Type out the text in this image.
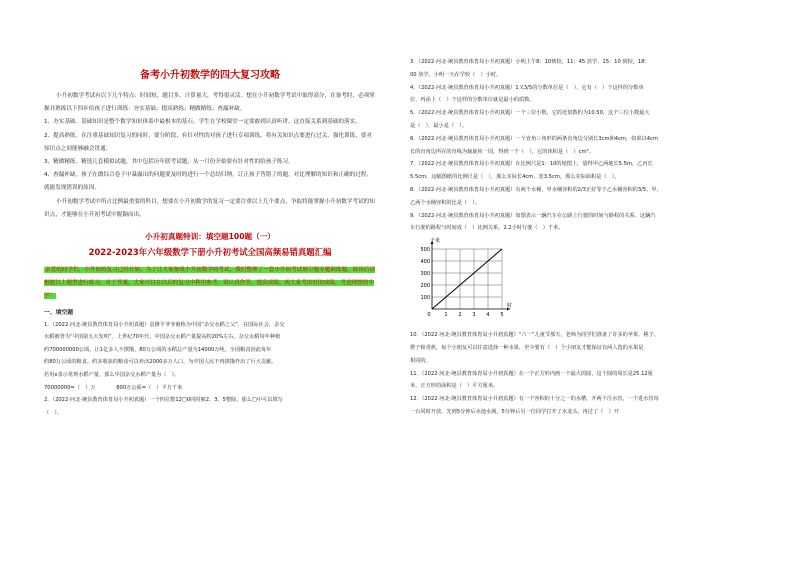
备考小升初数学的四大复习攻略

小升初数学考试有以下几个特点：时间短，题目多，计算量大，考得很灵活。想在小升初数学考试中取得高分，在备考时，必须掌握并熟练以下四步给孩子进行训练：夯实基础；提高熟练；精做精练；查漏补缺。

1、夯实基础。基础知识是整个数学知识体系中最根本的基石。学生在学校课堂一定要敢到认真听讲，这直接关系到基础的落实。

2、提高熟练。在注重基础知识复习的同时，要分阶段、有针对性的对孩子进行专项训练，将有关知识点要进行过关、强化训练，要对知识点之间能够融会贯通。

3、精做精练。精选几套模拟试题，其中包括历年联考试题，从一月份开始要有针对性的给孩子练习。

4、查漏补缺。孩子在做综合卷子中暴露出的问题要及时的进行一个总结归纳，订正孩子答错了的题，对比理解的知识和正确的过程，就能发现错误的原因。

小升初数学考试中所占比例最重要的科目，想要在小升初数学的复习一定要注重以上几个要点，争取将能掌握小升初数学考试的知识点，才能够在小升初考试中脱颖而出。

小升初真题特训：填空题100题（一）
2022-2023年六年级数学下册小升初考试全国高频易错真题汇编

亲爱的同学们，小升初的复习已经开始，为了让大家备战小升初数学的考试，我们整理了一套小升初考试填空题专题训练题，阅读后请根据以上题型进行练习，对于答案，大家可以在以后的复习中利用参考，请认真作答，提高成绩，祝大家考出好的成绩，考进理想的中学！

一、填空题

1．（2022·河北·统县教育体育局小升初真题）袁隆平爷爷被称为中国“杂交水稻之父”，在国际社会，杂交

水稻被誉为“中国第五大发明”。上世纪70年代，中国杂交水稻产量提高约20%左右。杂交水稻每年种植

约700000000公顷，让1亿多人不挨饿，80万公顷的水稻总产量为14000万吨，全国粮食因此每年

约80万公顷的粮食。约多收获的粮食可以养活2000多万人口，为中国人民不再挨饿作出了巨大贡献。

若用x表示常规水稻产量，那么中国杂交水稻产量为（　）。

70000000=（　）万　　　　800万公顷=（　）平方千米

2．（2022·河北·统县教育体育局小升初真题）一个四位数12□0同时被2、3、5整除，那么□中可以填写

（　）。

3．（2022·河北·统县教育体育局小升初真题）小明上午8：10到校，11：45 放学，15：10 到校，18：

00 放学，小明一天在学校（　）小时。

4．（2022·河北·统县教育体育局小升初真题）1又3/5的分数单位是（　），它有（　）个这样的分数单

位，再添上（　）个这样的分数单位就是最小的质数。

5．（2022·河北·统县教育体育局小升初真题）一个三位小数，它的近似数约为10.50，这个三位小数最大

是（　），最小是（　）。

6．（2022·河北·统县教育体育局小升初真题）一个直角三角形的两条直角边分别长3cm和4cm，如果以4cm

长的直角边所在的直线为轴旋转一周，得到一个（　），它的体积是（　）cm³。

7．（2022·河北·统县教育体育局小升初真题）在比例尺是1：10的地图上，量得甲乙两地长5.5m，乙丙长

5.5cm，这幅图纸的比例尺是（　），那么实际长4cm，宽3.5cm，那么实际面积是（　）。

8．（2022·河北·统县教育体育局小升初真题）有两个水桶，甲水桶容积的2/3正好等于乙水桶容积的3/5，甲、

乙两个水桶容积的比是（　）。

9．（2022·河北·统县教育体育局小升初真题）如图表示一辆汽车在公路上行驶的时间与路程的关系，这辆汽

车行驶的路程与时间成（　）比例关系，2.2小时行驶（　）千米。

1 2 3 4 5
100
200
300
400
500
0
千米
时

10．（2022·河北·统县教育体育局小升初真题）“六一”儿童节那天，老师为同学们准备了许多的苹果、桃子、

橙子和香蕉，每个小朋友可以任意选择一种水果，至少要有（　）个小朋友才能保证有两人选的水果是

相同的。

11．（2022·河北·统县教育体育局小升初真题）在一个正方形内画一个最大的圆，这个圆的周长是25.12厘

米，正方形的面积是（　）平方厘米。

12．（2022·河北·统县教育体育局小升初真题）有一个容积的十分之一的水槽，开两个注水管，一个进水管每

一台同时开放，先到5分钟后水池水满，5分钟后另一位同学打开了水龙头，再过了（　）开
